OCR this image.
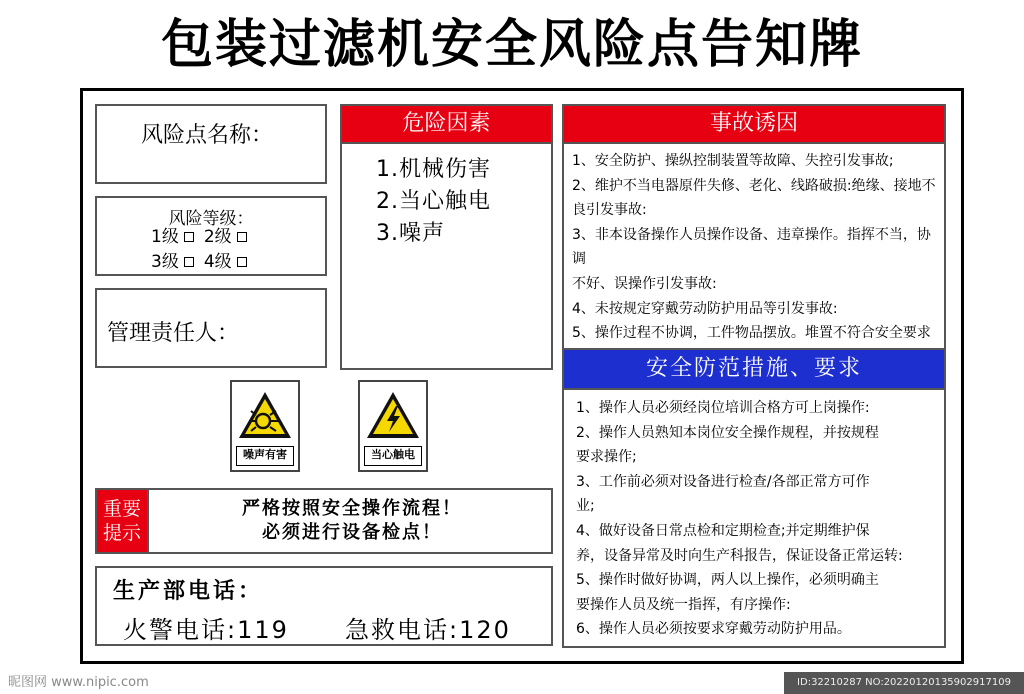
包装过滤机安全风险点告知牌
风险点名称：
风险等级：
1级 2级
3级 4级
管理责任人：
危险因素
1.机械伤害
2.当心触电
3.噪声
噪声有害	当心触电
重要
提示
严格按照安全操作流程！
必须进行设备检点！
生产部电话：
火警电话:119 急救电话:120
事故诱因
1、安全防护、操纵控制装置等故障、失控引发事故;
2、维护不当电器原件失修、老化、线路破损:绝缘、接地不
良引发事故:
3、非本设备操作人员操作设备、违章操作。指挥不当，协调
不好、误操作引发事故:
4、未按规定穿戴劳动防护用品等引发事故:
5、操作过程不协调，工件物品摆放。堆置不符合安全要求
安全防范措施、要求
1、操作人员必须经岗位培训合格方可上岗操作:
2、操作人员熟知本岗位安全操作规程，并按规程
要求操作;
3、工作前必须对设备进行检查/各部正常方可作
业;
4、做好设备日常点检和定期检查;并定期维护保
养，设备异常及时向生产科报告，保证设备正常运转:
5、操作时做好协调，两人以上操作，必须明确主
要操作人员及统一指挥，有序操作:
6、操作人员必须按要求穿戴劳动防护用品。
昵图网 www.nipic.com	ID:32210287 NO:20220120135902917109
